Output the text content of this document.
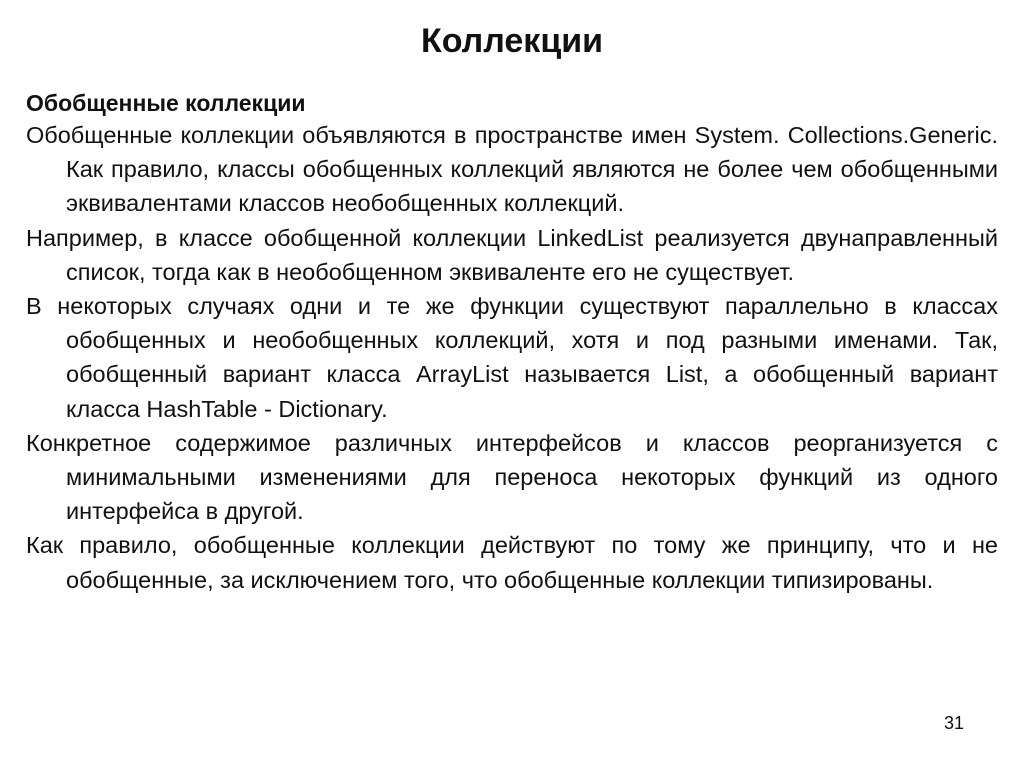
Коллекции
Обобщенные коллекции

Обобщенные коллекции объявляются в пространстве имен System. Collections.Generic. Как правило, классы обобщенных коллекций являются не более чем обобщенными эквивалентами классов необобщенных коллекций.

Например, в классе обобщенной коллекции LinkedList реализуется двунаправленный список, тогда как в необобщенном эквиваленте его не существует.

В некоторых случаях одни и те же функции существуют параллельно в классах обобщенных и необобщенных коллекций, хотя и под разными именами. Так, обобщенный вариант класса ArrayList называется List, а обобщенный вариант класса HashTable - Dictionary.

Конкретное содержимое различных интерфейсов и классов реорганизуется с минимальными изменениями для переноса некоторых функций из одного интерфейса в другой.

Как правило, обобщенные коллекции действуют по тому же принципу, что и не обобщенные, за исключением того, что обобщенные коллекции типизированы.

31
